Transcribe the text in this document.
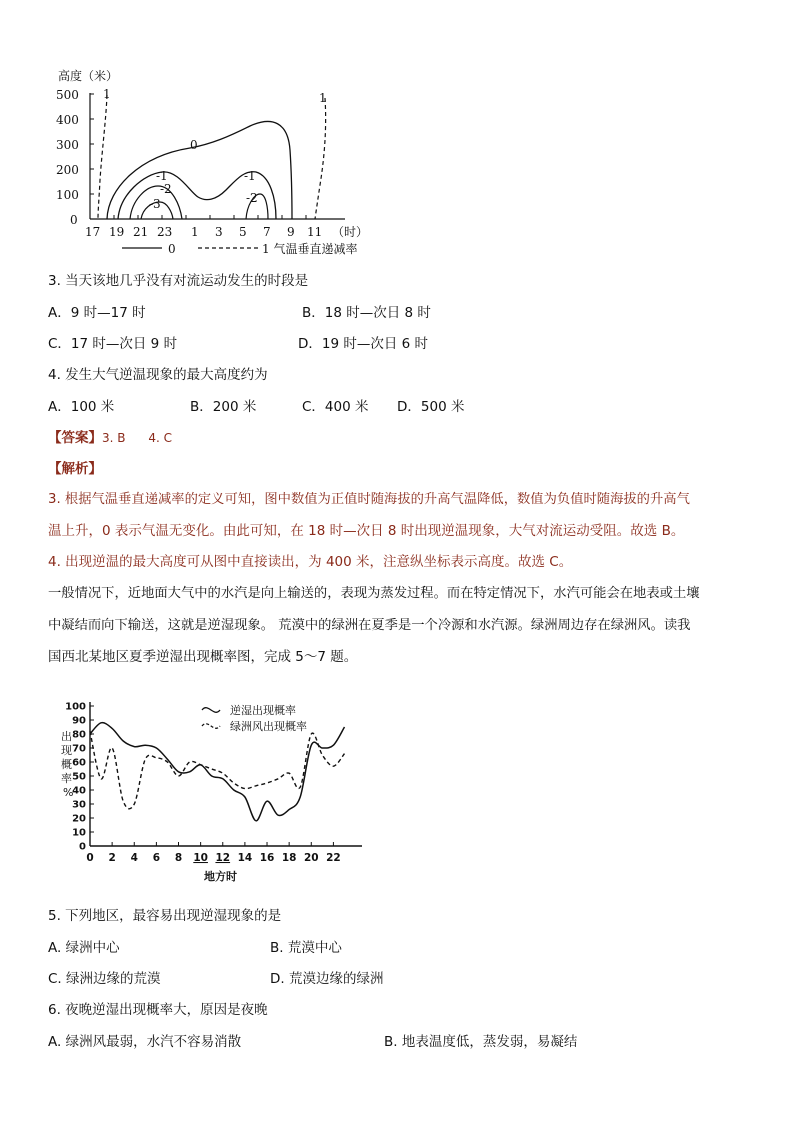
高度（米）
500
400
300
200
100
0
17 19 21 23 1 3 5 7 9 11 （时）
0
-1
-2
-3
-1
-2
1	1
0	1 气温垂直递减率
3. 当天该地几乎没有对流运动发生的时段是
A．9 时—17 时	B．18 时—次日 8 时
C．17 时—次日 9 时	D．19 时—次日 6 时
4. 发生大气逆温现象的最大高度约为
A．100 米	B．200 米	C．400 米 D．500 米
【答案】3. B      4. C
【解析】
3. 根据气温垂直递减率的定义可知，图中数值为正值时随海拔的升高气温降低，数值为负值时随海拔的升高气
温上升，0 表示气温无变化。由此可知，在 18 时—次日 8 时出现逆温现象，大气对流运动受阻。故选 B。
4. 出现逆温的最大高度可从图中直接读出，为 400 米，注意纵坐标表示高度。故选 C。
一般情况下，近地面大气中的水汽是向上输送的，表现为蒸发过程。而在特定情况下，水汽可能会在地表或土壤
中凝结而向下输送，这就是逆湿现象。 荒漠中的绿洲在夏季是一个冷源和水汽源。绿洲周边存在绿洲风。读我
国西北某地区夏季逆湿出现概率图，完成 5～7 题。
出
现
概
率
%
100
90
80
70
60
50
40
30
20
10
0
0 2 4 6 8 10 12 14 16 18 20 22
地方时
逆湿出现概率
绿洲风出现概率
5. 下列地区，最容易出现逆湿现象的是
A. 绿洲中心	B. 荒漠中心
C. 绿洲边缘的荒漠	D. 荒漠边缘的绿洲
6. 夜晚逆湿出现概率大，原因是夜晚
A. 绿洲风最弱，水汽不容易消散	B. 地表温度低，蒸发弱，易凝结
